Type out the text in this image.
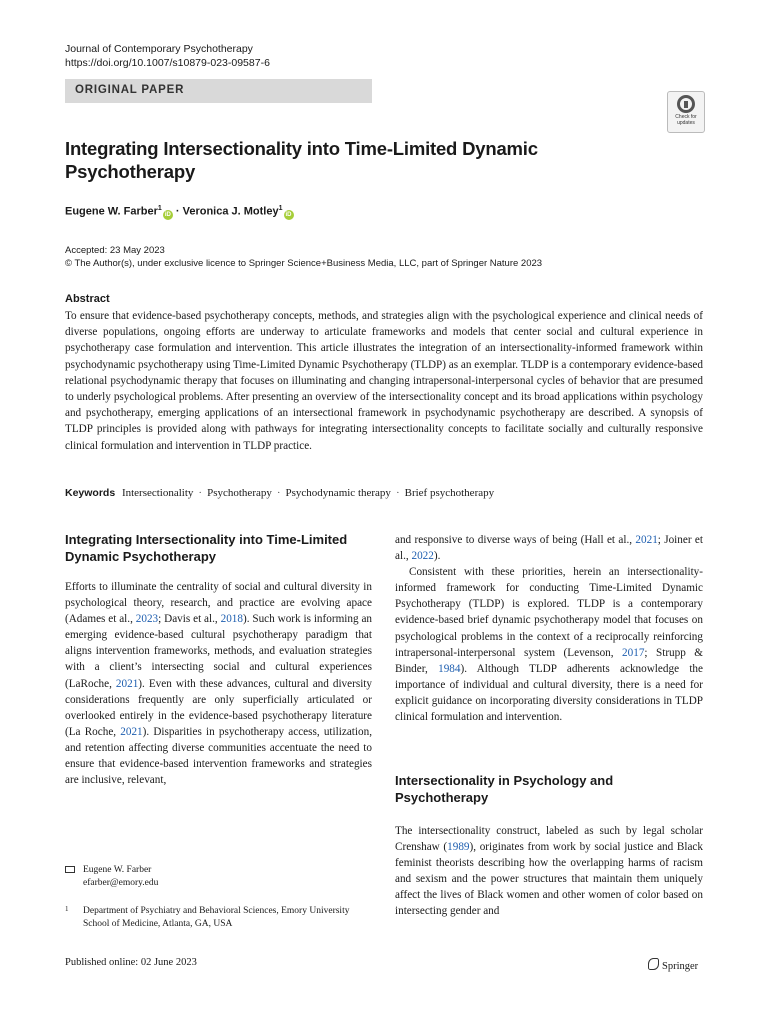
Journal of Contemporary Psychotherapy
https://doi.org/10.1007/s10879-023-09587-6
ORIGINAL PAPER
Check for
updates
Integrating Intersectionality into Time-Limited Dynamic
Psychotherapy
Eugene W. Farber$^1$iD · Veronica J. Motley$^1$iD
Accepted: 23 May 2023
© The Author(s), under exclusive licence to Springer Science+Business Media, LLC, part of Springer Nature 2023
Abstract
To ensure that evidence-based psychotherapy concepts, methods, and strategies align with the psychological experience and clinical needs of diverse populations, ongoing efforts are underway to articulate frameworks and models that center social and cultural experience in psychotherapy case formulation and intervention. This article illustrates the integration of an intersectionality-informed framework within psychodynamic psychotherapy using Time-Limited Dynamic Psychotherapy (TLDP) as an exemplar. TLDP is a contemporary evidence-based relational psychodynamic therapy that focuses on illuminating and changing intrapersonal-interpersonal cycles of behavior that are presumed to underly psychological problems. After presenting an overview of the intersectionality concept and its broad applications within psychology and psychotherapy, emerging applications of an intersectional framework in psychodynamic psychotherapy are described. A synopsis of TLDP principles is provided along with pathways for integrating intersectionality concepts to facilitate socially and culturally responsive clinical formulation and intervention in TLDP practice.
Keywords Intersectionality · Psychotherapy · Psychodynamic therapy · Brief psychotherapy
Integrating Intersectionality into Time-Limited Dynamic Psychotherapy

Efforts to illuminate the centrality of social and cultural diversity in psychological theory, research, and practice are evolving apace (Adames et al., 2023; Davis et al., 2018). Such work is informing an emerging evidence-based cultural psychotherapy paradigm that aligns intervention frameworks, methods, and evaluation strategies with a client’s intersecting social and cultural experiences (LaRoche, 2021). Even with these advances, cultural and diversity considerations frequently are only superficially articulated or overlooked entirely in the evidence-based psychotherapy literature (La Roche, 2021). Disparities in psychotherapy access, utilization, and retention affecting diverse communities accentuate the need to ensure that evidence-based intervention frameworks and strategies are inclusive, relevant,

and responsive to diverse ways of being (Hall et al., 2021; Joiner et al., 2022).

Consistent with these priorities, herein an intersectionality-informed framework for conducting Time-Limited Dynamic Psychotherapy (TLDP) is explored. TLDP is a contemporary evidence-based brief dynamic psychotherapy model that focuses on psychological problems in the context of a reciprocally reinforcing intrapersonal-interpersonal system (Levenson, 2017; Strupp & Binder, 1984). Although TLDP adherents acknowledge the importance of individual and cultural diversity, there is a need for explicit guidance on incorporating diversity considerations in TLDP clinical formulation and intervention.

Intersectionality in Psychology and Psychotherapy

The intersectionality construct, labeled as such by legal scholar Crenshaw (1989), originates from work by social justice and Black feminist theorists describing how the overlapping harms of racism and sexism and the power structures that maintain them uniquely affect the lives of Black women and other women of color based on intersecting gender and

Eugene W. Farber
efarber@emory.edu
1 Department of Psychiatry and Behavioral Sciences, Emory University School of Medicine, Atlanta, GA, USA
Published online: 02 June 2023	Springer
